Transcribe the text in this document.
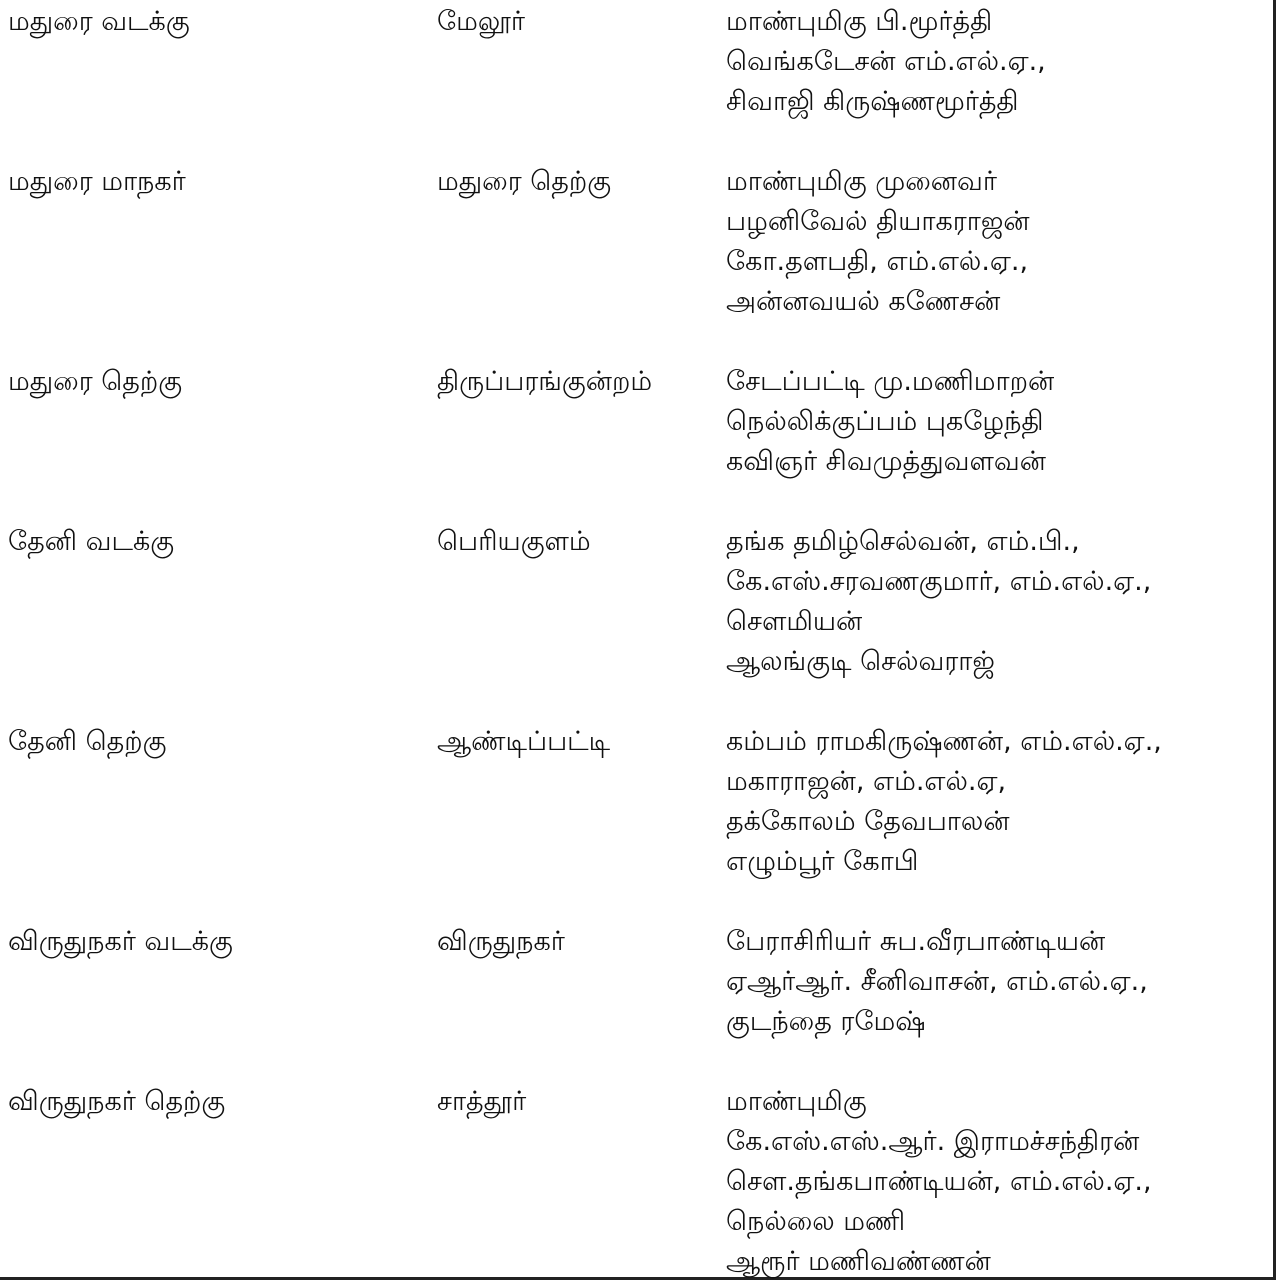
மதுரை வடக்கு	மேலூர்	மாண்புமிகு பி.மூர்த்தி
வெங்கடேசன் எம்.எல்.ஏ.,
சிவாஜி கிருஷ்ணமூர்த்தி
மதுரை மாநகர்	மதுரை தெற்கு	மாண்புமிகு முனைவர்
பழனிவேல் தியாகராஜன்
கோ.தளபதி, எம்.எல்.ஏ.,
அன்னவயல் கணேசன்
மதுரை தெற்கு	திருப்பரங்குன்றம்	சேடப்பட்டி மு.மணிமாறன்
நெல்லிக்குப்பம் புகழேந்தி
கவிஞர் சிவமுத்துவளவன்
தேனி வடக்கு	பெரியகுளம்	தங்க தமிழ்செல்வன், எம்.பி.,
கே.எஸ்.சரவணகுமார், எம்.எல்.ஏ.,
சௌமியன்
ஆலங்குடி செல்வராஜ்
தேனி தெற்கு	ஆண்டிப்பட்டி	கம்பம் ராமகிருஷ்ணன், எம்.எல்.ஏ.,
மகாராஜன், எம்.எல்.ஏ,
தக்கோலம் தேவபாலன்
எழும்பூர் கோபி
விருதுநகர் வடக்கு	விருதுநகர்	பேராசிரியர் சுப.வீரபாண்டியன்
ஏஆர்ஆர். சீனிவாசன், எம்.எல்.ஏ.,
குடந்தை ரமேஷ்
விருதுநகர் தெற்கு	சாத்தூர்	மாண்புமிகு
கே.எஸ்.எஸ்.ஆர். இராமச்சந்திரன்
சௌ.தங்கபாண்டியன், எம்.எல்.ஏ.,
நெல்லை மணி
ஆரூர் மணிவண்ணன்
